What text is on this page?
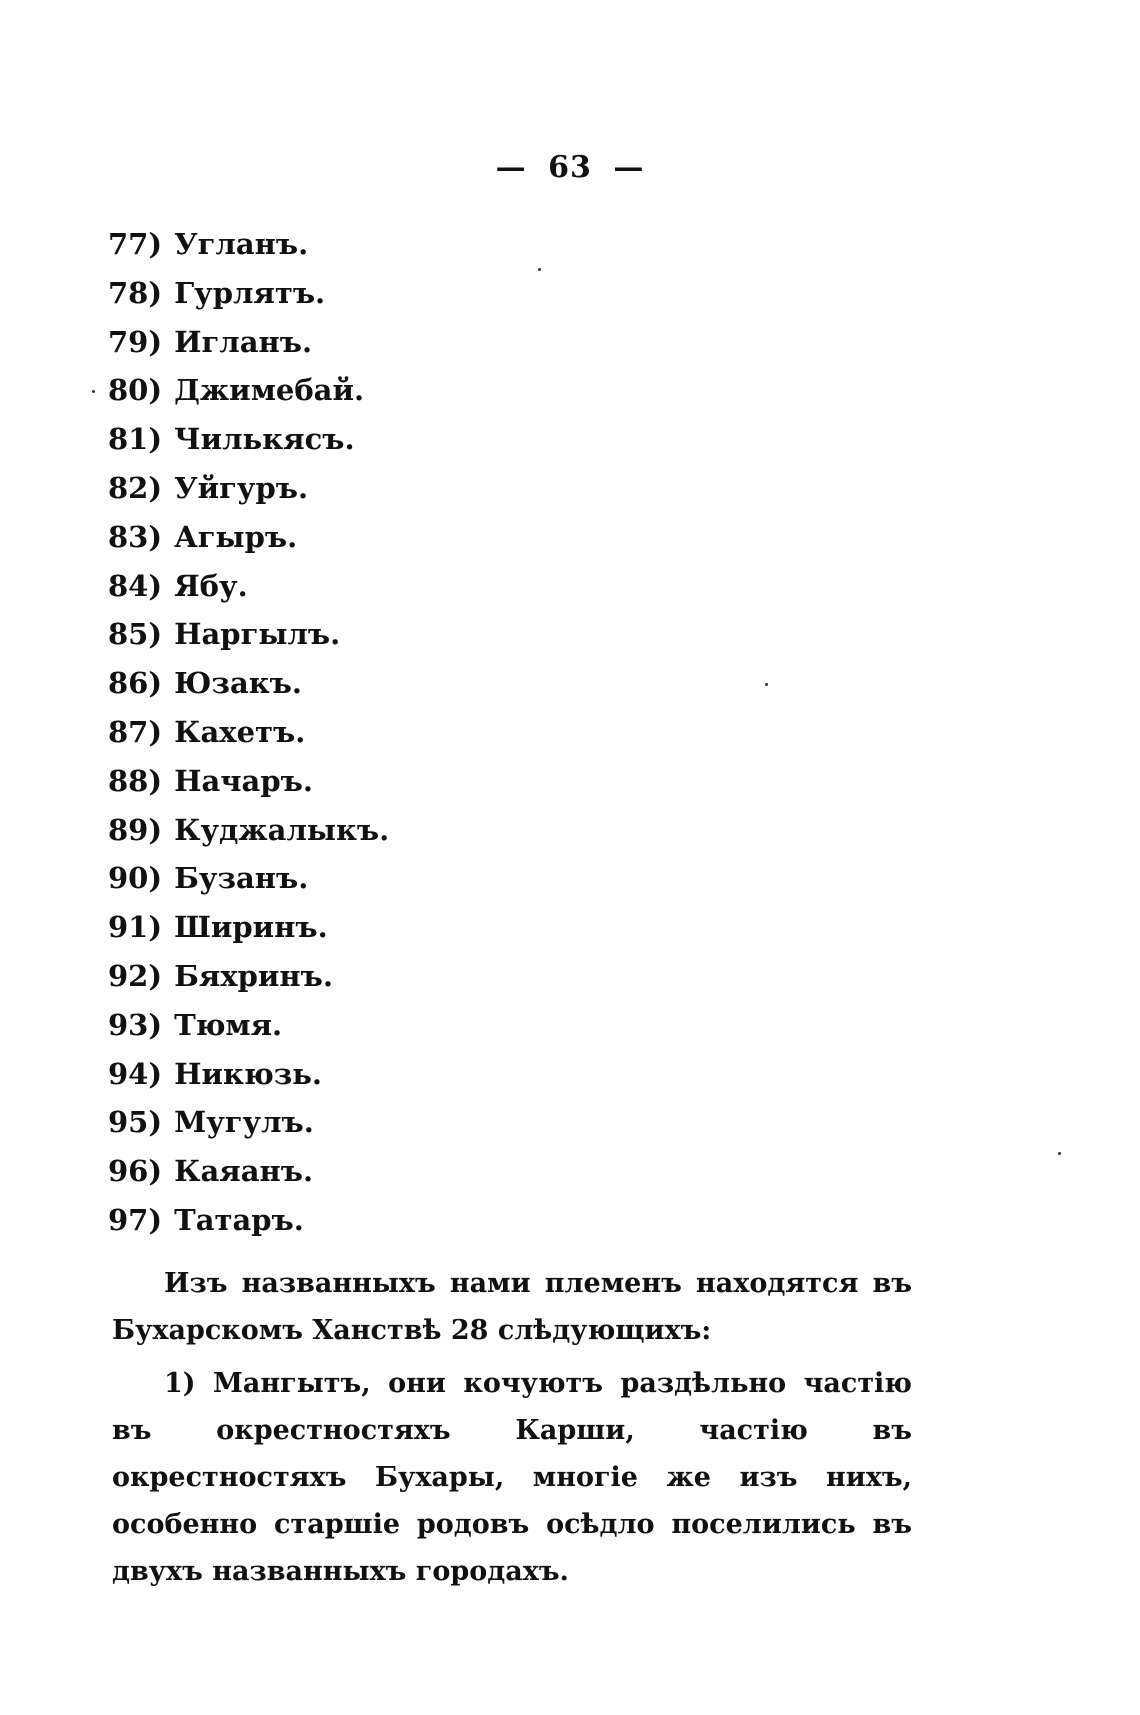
— 63 —
77) Угланъ.
78) Гурлятъ.
79) Игланъ.
80) Джимебай.
81) Чилькясъ.
82) Уйгуръ.
83) Агыръ.
84) Ябу.
85) Наргылъ.
86) Юзакъ.
87) Кахетъ.
88) Начаръ.
89) Куджалыкъ.
90) Бузанъ.
91) Ширинъ.
92) Бяхринъ.
93) Тюмя.
94) Никюзь.
95) Мугулъ.
96) Каяанъ.
97) Татаръ.

Изъ названныхъ нами племенъ находятся въ Бухарскомъ Ханствѣ 28 слѣдующихъ:

1) Мангытъ, они кочуютъ раздѣльно частію въ окрестностяхъ Карши, частію въ окрестностяхъ Бухары, многіе же изъ нихъ, особенно старшіе родовъ осѣдло поселились въ двухъ названныхъ городахъ.
